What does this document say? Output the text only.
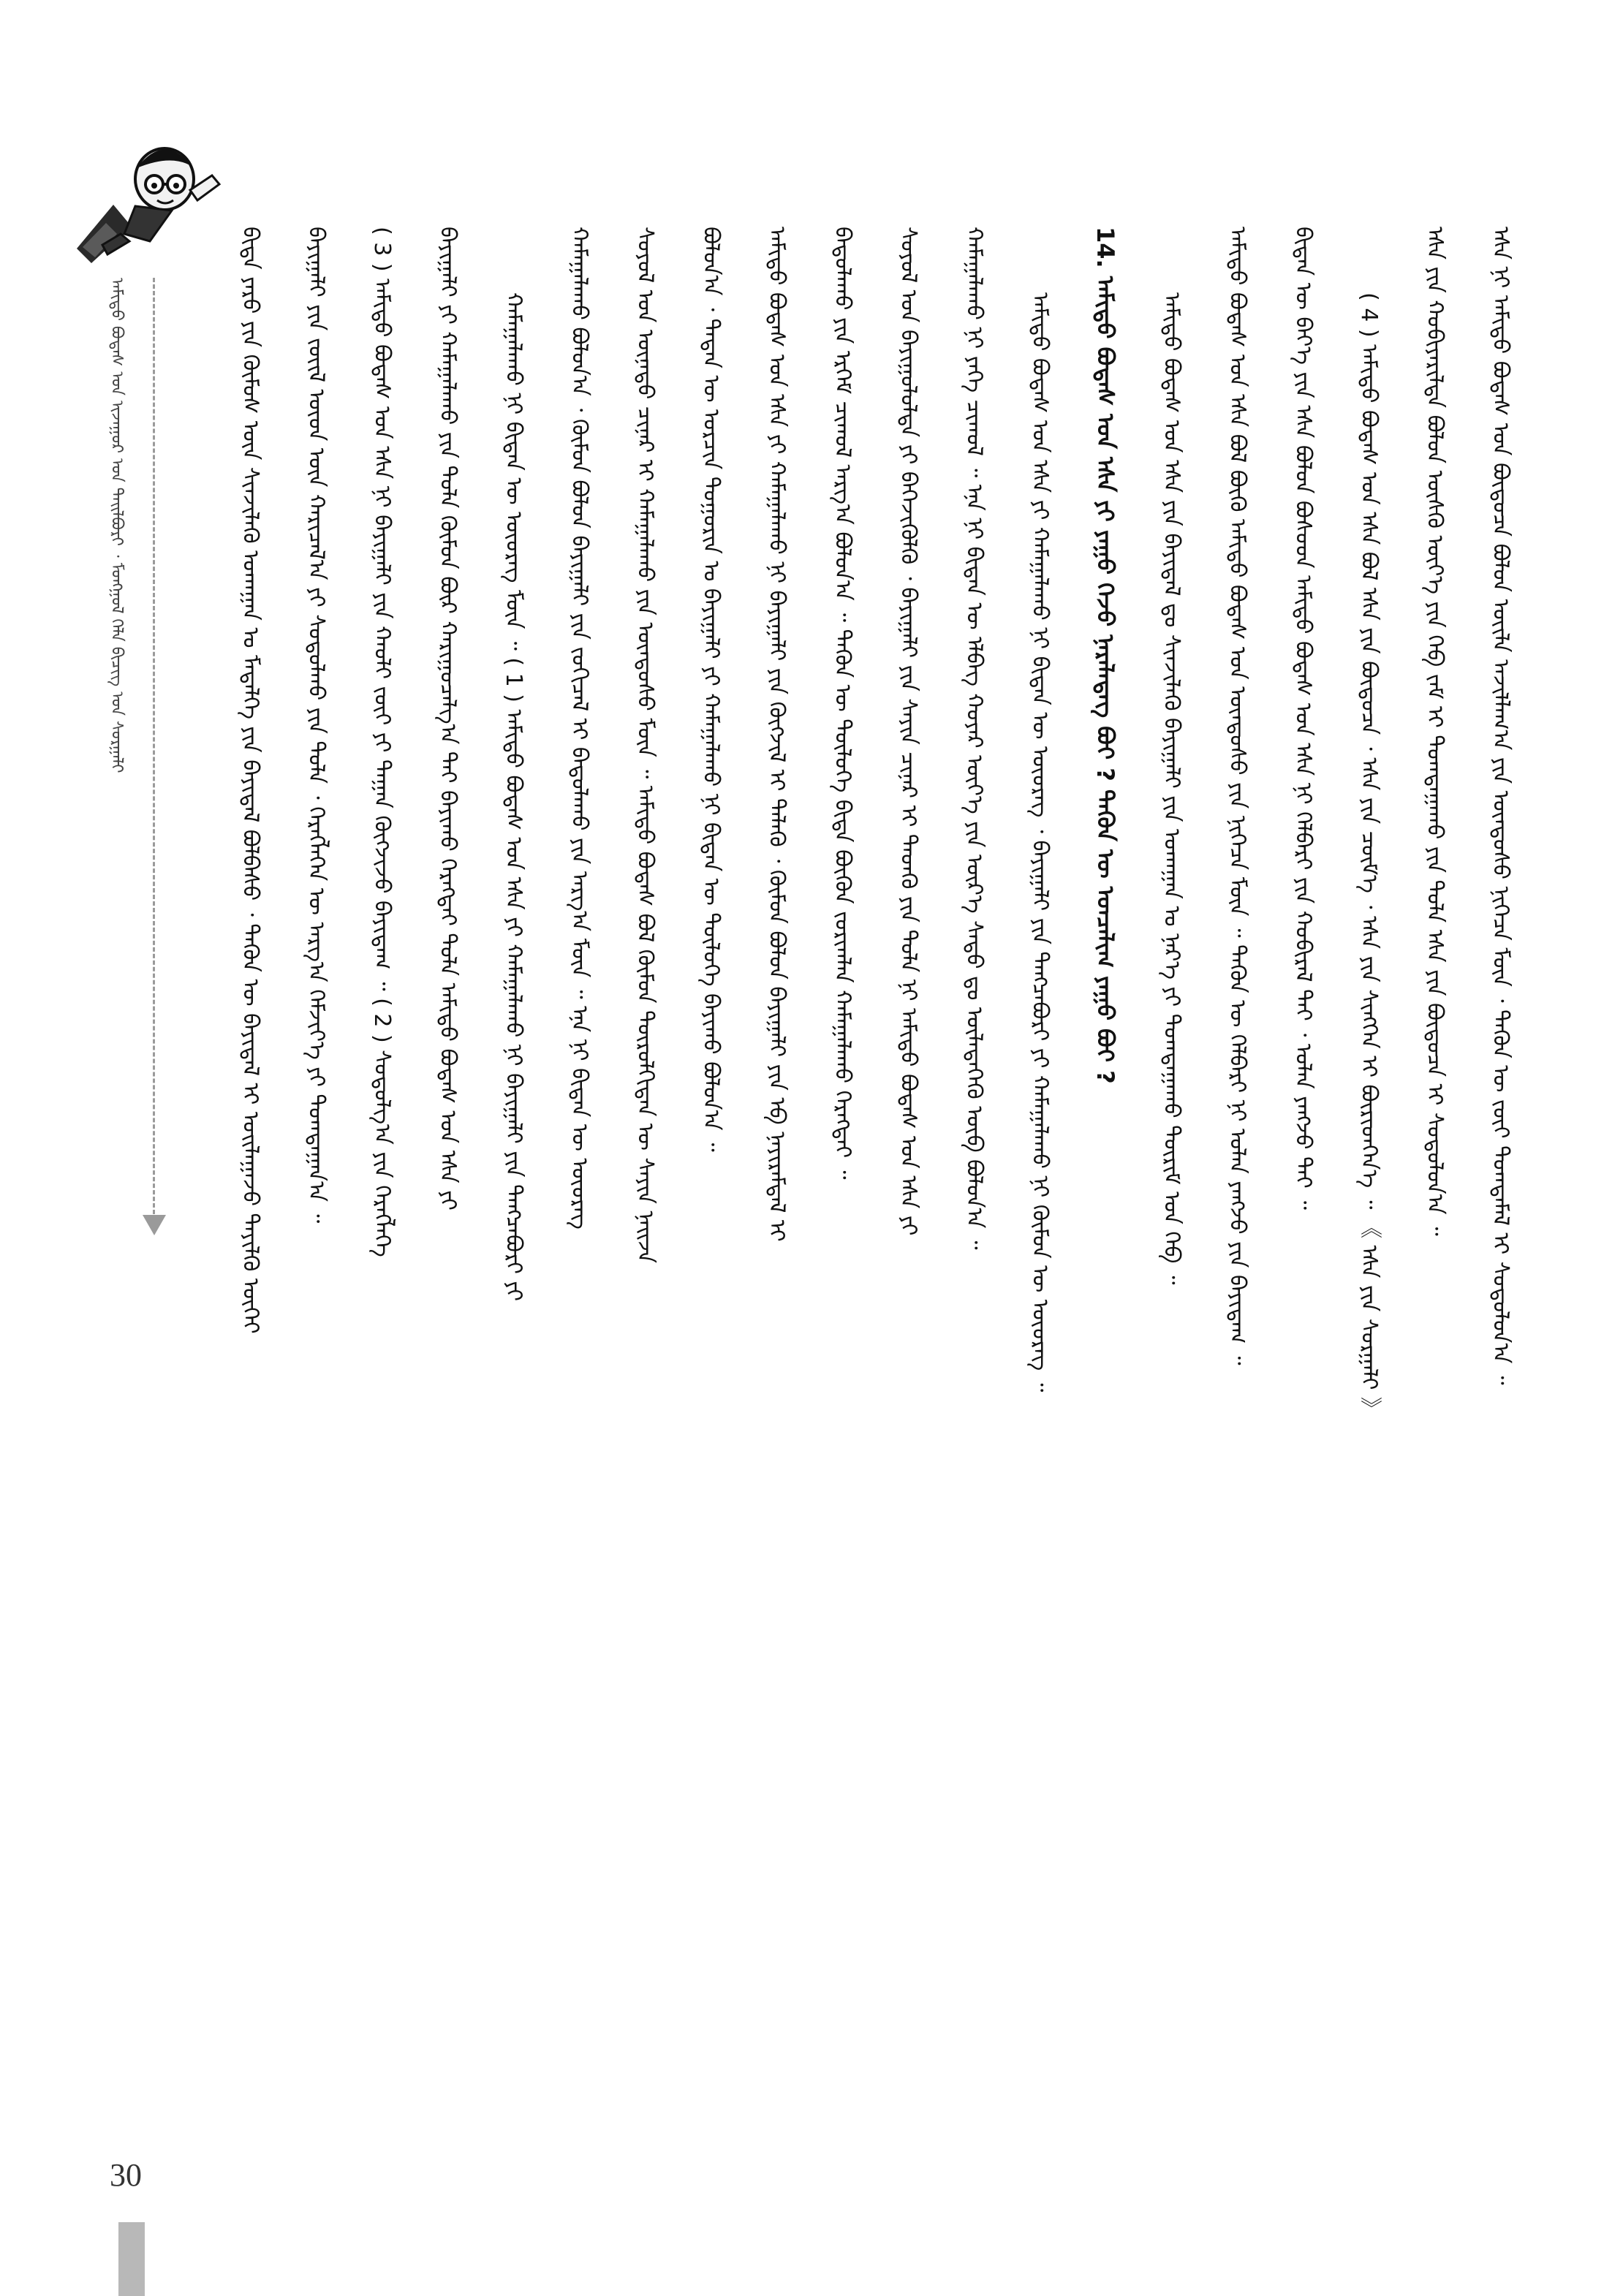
ᠠᠮᠢᠳᠤ ᠪᠣᠳᠠᠰ ᠤᠨ ᠢᠵᠠᠭᠤᠷ ᠤᠨ ᠲᠠᠢᠯᠪᠤᠷᠢ ᠂ ᠮᠣᠩᠭᠣᠯ ᠬᠡᠯᠡ ᠪᠢᠴᠢᠭ ᠤᠨ ᠰᠤᠷᠭᠠᠯᠢ	ᠪᠢᠳᠡ ᠶᠡᠷᠦ ᠶᠢᠨ ᠬᠦᠮᠦᠰ ᠦᠨ ᠰᠢᠨᠵᠢᠯᠡᠬᠦ ᠤᠬᠠᠭᠠᠨ ᠤ ᠮᠡᠳᠡᠯᠭᠡ ᠶᠢᠨ ᠪᠠᠶᠢᠳᠠᠯ ᠪᠣᠯᠪᠠᠰᠤ ᠂ ᠲᠡᠭᠦᠨ ᠦ ᠪᠠᠶᠢᠳᠠᠯ ᠢ ᠣᠢᠯᠠᠭᠠᠵᠤ ᠳᠡᠶᠢᠯᠬᠦ ᠦᠭᠡᠢ	ᠪᠠᠶᠢᠭᠠᠯᠢ ᠶᠢᠨ ᠵᠦᠢᠯ ᠦᠳ ᠦᠨ ᠬᠠᠷᠢᠴᠠᠯ᠎ᠠ ᠶᠢ ᠰᠤᠳᠤᠯᠬᠤ ᠶᠢᠨ ᠲᠤᠯᠠ ᠂ ᠬᠡᠷᠡᠭᠯᠡᠭᠡᠨ ᠦ ᠠᠷᠭ᠎ᠠ ᠬᠡᠮᠵᠢᠶ᠎ᠡ ᠶᠢ ᠲᠣᠭᠲᠠᠭᠠᠨ᠎ᠠ ᠃	( 3 ) ᠠᠮᠢᠳᠤ ᠪᠣᠳᠠᠰ ᠤᠨ ᠡᠰᠡ ᠨᠢ ᠪᠠᠶᠢᠭᠠᠯᠢ ᠶᠢᠨ ᠬᠠᠤᠯᠢ ᠵᠦᠢ ᠶᠢ ᠳᠠᠭᠠᠨ ᠬᠦᠭᠵᠢᠵᠦ ᠪᠠᠶᠢᠳᠠᠭ ᠃ ( 2 ) ᠰᠤᠳᠤᠯᠭ᠎ᠠ ᠶᠢᠨ ᠬᠡᠷᠡᠭᠯᠡᠭᠡ	ᠪᠠᠶᠢᠭᠠᠯᠢ ᠶᠢ ᠬᠠᠮᠠᠭᠠᠯᠠᠬᠤ ᠶᠢᠨ ᠲᠤᠯᠠ ᠬᠦᠮᠦᠨ ᠪᠦᠷ ᠬᠠᠷᠢᠭᠤᠴᠠᠯᠭ᠎ᠠ ᠲᠠᠢ ᠪᠠᠶᠢᠬᠤ ᠬᠡᠷᠡᠭᠲᠡᠢ ᠲᠤᠯᠠ ᠠᠮᠢᠳᠤ ᠪᠣᠳᠠᠰ ᠤᠨ ᠡᠰᠡ ᠶᠢ	ᠬᠠᠮᠠᠭᠠᠯᠠᠬᠤ ᠨᠢ ᠪᠢᠳᠡᠨ ᠦ ᠦᠦᠷᠡᠭ ᠮᠥᠨ ᠃ ( 1 ) ᠠᠮᠢᠳᠤ ᠪᠣᠳᠠᠰ ᠤᠨ ᠡᠰᠡ ᠶᠢ ᠬᠠᠮᠠᠭᠠᠯᠠᠬᠤ ᠨᠢ ᠪᠠᠶᠢᠭᠠᠯᠢ ᠶᠢᠨ ᠲᠡᠩᠴᠡᠪᠦᠷᠢ ᠶᠢ	ᠬᠠᠮᠠᠭᠠᠯᠠᠬᠤ ᠪᠣᠯᠤᠨ᠎ᠠ ᠂ ᠬᠦᠮᠦᠨ ᠪᠣᠯᠤᠨ ᠪᠠᠶᠢᠭᠠᠯᠢ ᠶᠢᠨ ᠵᠣᠬᠢᠴᠠᠯ ᠢ ᠪᠠᠲᠤᠯᠠᠬᠤ ᠶᠢᠨ ᠠᠷᠭ᠎ᠠ ᠮᠥᠨ ᠃ ᠡᠨᠡ ᠨᠢ ᠪᠢᠳᠡᠨ ᠦ ᠦᠦᠷᠡᠭ	ᠰᠣᠶᠣᠯ ᠤᠨ ᠦᠨᠡᠲᠦ ᠴᠢᠨᠠᠷ ᠢ ᠬᠠᠮᠠᠭᠠᠯᠠᠬᠤ ᠶᠢᠨ ᠦᠨᠳᠦᠰᠦ ᠮᠥᠨ ᠃ ᠠᠮᠢᠳᠤ ᠪᠣᠳᠠᠰ ᠪᠣᠯ ᠬᠦᠮᠦᠨ ᠲᠦᠷᠦᠯᠬᠢᠲᠡᠨ ᠦ ᠰᠠᠶᠢᠨ ᠨᠠᠢᠵᠠ	ᠪᠣᠯᠤᠨ᠎ᠠ ᠂ ᠲᠡᠳᠡᠨ ᠦ ᠣᠷᠴᠢᠨ ᠲᠣᠭᠣᠷᠢᠨ ᠤ ᠪᠠᠶᠢᠭᠠᠯᠢ ᠶᠢ ᠬᠠᠮᠠᠭᠠᠯᠠᠬᠤ ᠨᠢ ᠪᠢᠳᠡᠨ ᠦ ᠲᠥᠯᠦᠭᠡ ᠪᠠᠶᠢᠬᠤ ᠪᠣᠯᠤᠨ᠎ᠠ ᠃	ᠠᠮᠢᠳᠤ ᠪᠣᠳᠠᠰ ᠤᠨ ᠡᠰᠡ ᠶᠢ ᠬᠠᠮᠠᠭᠠᠯᠠᠬᠤ ᠨᠢ ᠪᠠᠶᠢᠭᠠᠯᠢ ᠶᠢᠨ ᠬᠥᠭᠵᠢᠯ ᠢ ᠲᠡᠯᠡᠬᠦ ᠂ ᠬᠦᠮᠦᠨ ᠪᠣᠯᠤᠨ ᠪᠠᠶᠢᠭᠠᠯᠢ ᠶᠢᠨ ᠡᠪ ᠨᠠᠶᠢᠷᠠᠮᠳᠠᠯ ᠢ	ᠪᠠᠲᠤᠯᠠᠬᠤ ᠶᠢᠨ ᠡᠷᠬᠡᠮ ᠴᠢᠬᠤᠯ ᠠᠷᠭ᠎ᠠ ᠪᠣᠯᠤᠨ᠎ᠠ ᠃ ᠲᠡᠭᠦᠨ ᠦ ᠲᠥᠯᠦᠭᠡ ᠪᠢᠳᠡ ᠪᠦᠬᠦᠨ ᠵᠣᠷᠢᠭᠯᠠᠨ ᠬᠠᠮᠠᠭᠠᠯᠠᠬᠤ ᠬᠡᠷᠡᠭᠲᠡᠢ ᠃	ᠰᠣᠶᠣᠯ ᠤᠨ ᠪᠠᠶᠢᠭᠤᠯᠤᠯᠲᠠ ᠶᠢ ᠪᠡᠬᠡᠵᠢᠭᠦᠯᠬᠦ ᠂ ᠪᠠᠶᠢᠭᠠᠯᠢ ᠶᠢᠨ ᠰᠠᠶᠢᠨ ᠴᠢᠨᠠᠷ ᠢ ᠲᠡᠳᠬᠦ ᠶᠢᠨ ᠲᠤᠯᠠ ᠨᠢ ᠠᠮᠢᠳᠤ ᠪᠣᠳᠠᠰ ᠤᠨ ᠡᠰᠡ ᠶᠢ	ᠬᠠᠮᠠᠭᠠᠯᠠᠬᠤ ᠨᠢ ᠶᠡᠬᠡ ᠴᠢᠬᠤᠯ ᠃ ᠡᠨᠡ ᠨᠢ ᠪᠢᠳᠡᠨ ᠦ ᠡᠯᠪᠡᠭ ᠬᠣᠶᠠᠷ ᠦᠶ᠎ᠡ ᠶᠢᠨ ᠦᠷ᠎ᠡ ᠰᠠᠳᠤ ᠳᠤ ᠦᠯᠡᠳᠡᠭᠡᠬᠦ ᠥᠪ ᠪᠣᠯᠤᠨ᠎ᠠ ᠃	ᠠᠮᠢᠳᠤ ᠪᠣᠳᠠᠰ ᠤᠨ ᠡᠰᠡ ᠶᠢ ᠬᠠᠮᠠᠭᠠᠯᠠᠬᠤ ᠨᠢ ᠪᠢᠳᠡᠨ ᠦ ᠦᠦᠷᠡᠭ ᠂ ᠪᠠᠶᠢᠭᠠᠯᠢ ᠶᠢᠨ ᠲᠡᠩᠴᠡᠪᠦᠷᠢ ᠶᠢ ᠬᠠᠮᠠᠭᠠᠯᠠᠬᠤ ᠨᠢ ᠬᠦᠮᠦᠨ ᠦ ᠦᠦᠷᠡᠭ ᠃ 14. ᠠᠮᠢᠳᠤ ᠪᠣᠳᠠᠰ ᠤᠨ ᠡᠰᠡ ᠶᠢ ᠶᠠᠭᠤ ᠭᠡᠵᠦ ᠨᠡᠷᠡᠯᠡᠳᠡᠭ ᠪᠤᠢ ? ᠲᠡᠭᠦᠨ ᠦ ᠣᠨᠴᠠᠯᠢᠭ ᠶᠠᠭᠤ ᠪᠤᠢ ?	ᠠᠮᠢᠳᠤ ᠪᠣᠳᠠᠰ ᠤᠨ ᠡᠰᠡ ᠶᠢᠨ ᠪᠠᠶᠢᠳᠠᠯ ᠳᠤ ᠰᠢᠨᠵᠢᠯᠡᠬᠦ ᠪᠠᠶᠢᠭᠠᠯᠢ ᠶᠢᠨ ᠤᠬᠠᠭᠠᠨ ᠤ ᠨᠡᠷ᠎ᠡ ᠶᠢ ᠲᠣᠭᠲᠠᠭᠠᠬᠤ ᠳᠦᠷᠢᠮ ᠤᠨ ᠬᠡᠪ ᠃	ᠠᠮᠢᠳᠤ ᠪᠣᠳᠠᠰ ᠤᠨ ᠡᠰᠡ ᠪᠣᠯ ᠪᠦᠬᠦ ᠠᠮᠢᠳᠤ ᠪᠣᠳᠠᠰ ᠤᠨ ᠦᠨᠳᠦᠰᠦ ᠶᠢᠨ ᠨᠢᠭᠡᠴᠡ ᠮᠥᠨ ᠃ ᠲᠡᠭᠦᠨ ᠦ ᠬᠡᠯᠪᠡᠷᠢ ᠨᠢ ᠣᠯᠠᠨ ᠶᠠᠩᠵᠤ ᠶᠢᠨ ᠪᠠᠶᠢᠳᠠᠭ ᠃	ᠪᠢᠳᠡᠨ ᠦ ᠪᠡᠶ᠎ᠡ ᠶᠢᠨ ᠡᠰᠡ ᠪᠣᠯᠤᠨ ᠪᠤᠰᠤᠳ ᠠᠮᠢᠳᠤ ᠪᠣᠳᠠᠰ ᠤᠨ ᠡᠰᠡ ᠨᠢ ᠬᠡᠯᠪᠡᠷᠢ ᠶᠢᠨ ᠬᠤᠪᠢᠷᠠᠯ ᠲᠠᠢ ᠂ ᠣᠯᠠᠨ ᠶᠠᠩᠵᠤ ᠲᠠᠢ ᠃	( 4 ) ᠠᠮᠢᠳᠤ ᠪᠣᠳᠠᠰ ᠤᠨ ᠡᠰᠡ ᠪᠣᠯ ᠡᠰᠡ ᠶᠢᠨ ᠪᠦᠲᠦᠴᠡ ᠂ ᠡᠰᠡ ᠶᠢᠨ ᠴᠥᠮ᠎ᠡ ᠂ ᠡᠰᠡ ᠶᠢᠨ ᠰᠢᠩᠭᠡᠨ ᠢ ᠪᠦᠷᠢᠳᠬᠡᠨ᠎ᠡ ᠃ 《 ᠡᠰᠡ ᠶᠢᠨ ᠰᠤᠷᠭᠠᠯᠢ 》	ᠡᠰᠡ ᠶᠢᠨ ᠬᠤᠪᠢᠶᠠᠷᠢᠯᠲᠠ ᠪᠣᠯᠤᠨ ᠥᠰᠬᠦ ᠦᠶ᠎ᠡ ᠶᠢᠨ ᠬᠡᠪ ᠵᠠᠮ ᠢ ᠲᠣᠭᠲᠠᠭᠠᠬᠤ ᠶᠢᠨ ᠲᠤᠯᠠ ᠡᠰᠡ ᠶᠢᠨ ᠪᠦᠲᠦᠴᠡ ᠢ ᠰᠤᠳᠤᠯᠤᠨ᠎ᠠ ᠃	ᠡᠰᠡ ᠨᠢ ᠠᠮᠢᠳᠤ ᠪᠣᠳᠠᠰ ᠤᠨ ᠪᠦᠲᠦᠴᠡ ᠪᠣᠯᠤᠨ ᠦᠢᠯᠡ ᠠᠵᠢᠯᠯᠠᠭ᠎ᠠ ᠶᠢᠨ ᠦᠨᠳᠦᠰᠦ ᠨᠢᠭᠡᠴᠡ ᠮᠥᠨ ᠂ ᠲᠡᠭᠦᠨ ᠦ ᠵᠦᠢ ᠲᠣᠭᠲᠠᠮᠠᠯ ᠢ ᠰᠤᠳᠤᠯᠤᠨ᠎ᠠ ᠃
30
